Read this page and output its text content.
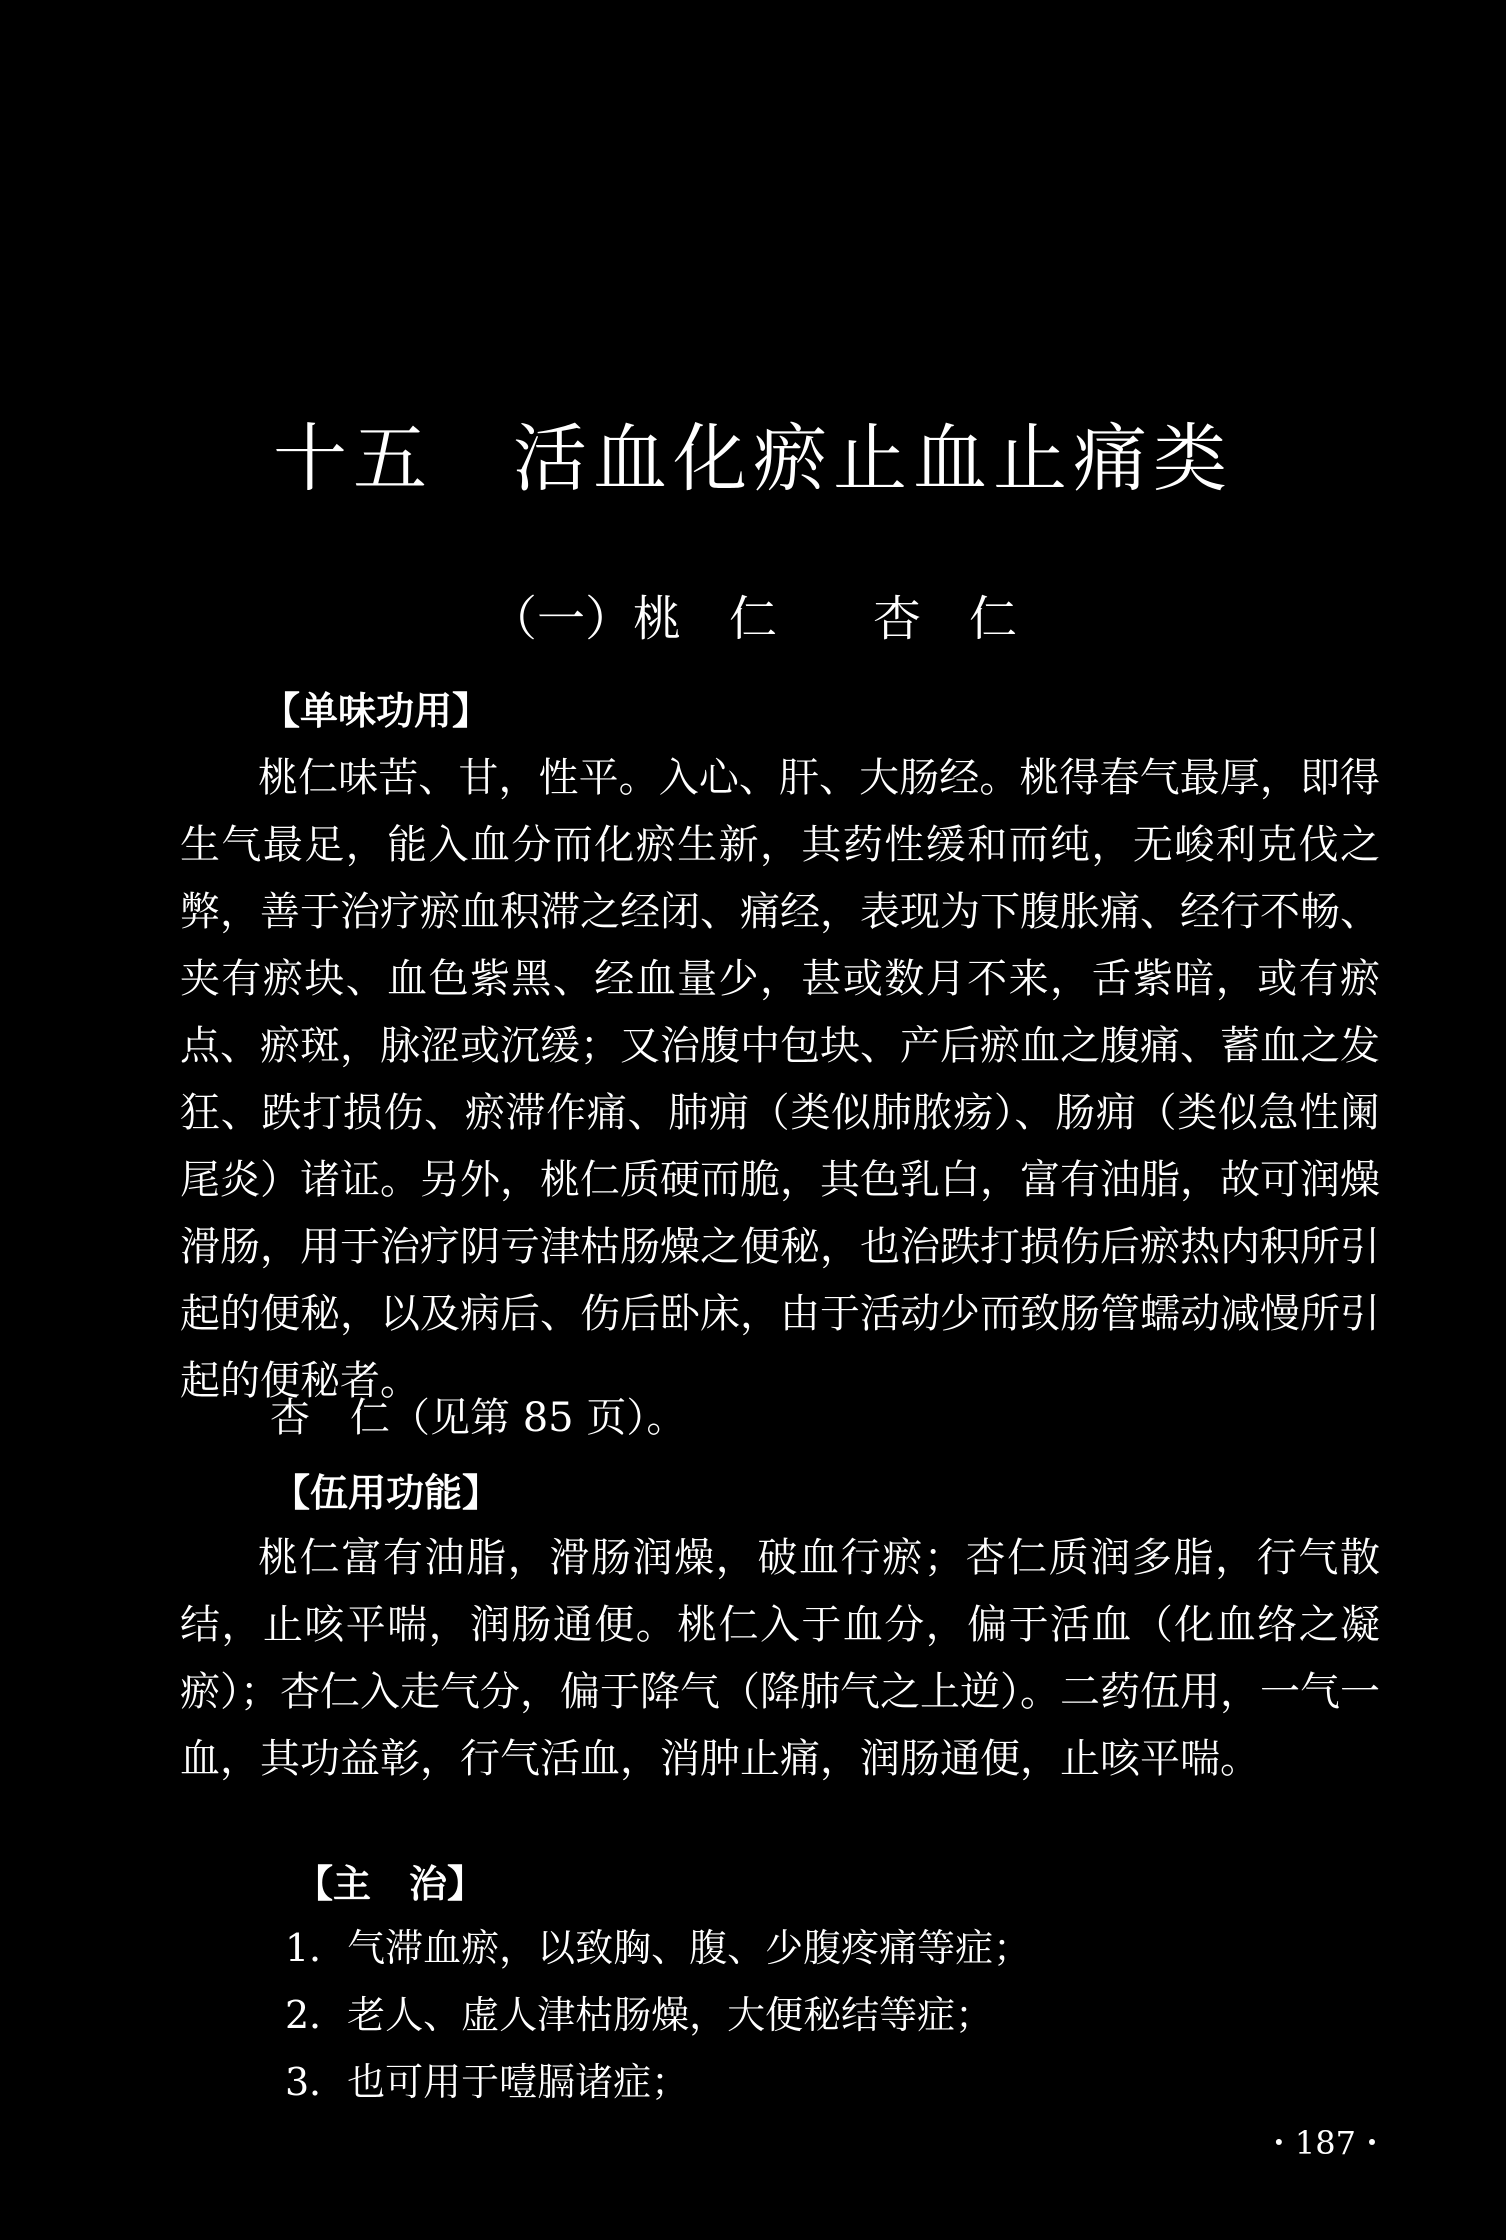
十五　活血化瘀止血止痛类
（一）桃　仁　　杏　仁

【单味功用】

桃仁味苦、甘，性平。入心、肝、大肠经。桃得春气最厚，即得生气最足，能入血分而化瘀生新，其药性缓和而纯，无峻利克伐之弊，善于治疗瘀血积滞之经闭、痛经，表现为下腹胀痛、经行不畅、夹有瘀块、血色紫黑、经血量少，甚或数月不来，舌紫暗，或有瘀点、瘀斑，脉涩或沉缓；又治腹中包块、产后瘀血之腹痛、蓄血之发狂、跌打损伤、瘀滞作痛、肺痈（类似肺脓疡）、肠痈（类似急性阑尾炎）诸证。另外，桃仁质硬而脆，其色乳白，富有油脂，故可润燥滑肠，用于治疗阴亏津枯肠燥之便秘，也治跌打损伤后瘀热内积所引起的便秘，以及病后、伤后卧床，由于活动少而致肠管蠕动减慢所引起的便秘者。

杏　仁（见第 85 页）。

【伍用功能】

桃仁富有油脂，滑肠润燥，破血行瘀；杏仁质润多脂，行气散结，止咳平喘，润肠通便。桃仁入于血分，偏于活血（化血络之凝瘀）；杏仁入走气分，偏于降气（降肺气之上逆）。二药伍用，一气一血，其功益彰，行气活血，消肿止痛，润肠通便，止咳平喘。

【主　治】

1．气滞血瘀，以致胸、腹、少腹疼痛等症；
2．老人、虚人津枯肠燥，大便秘结等症；
3．也可用于噎膈诸症；

・187・
